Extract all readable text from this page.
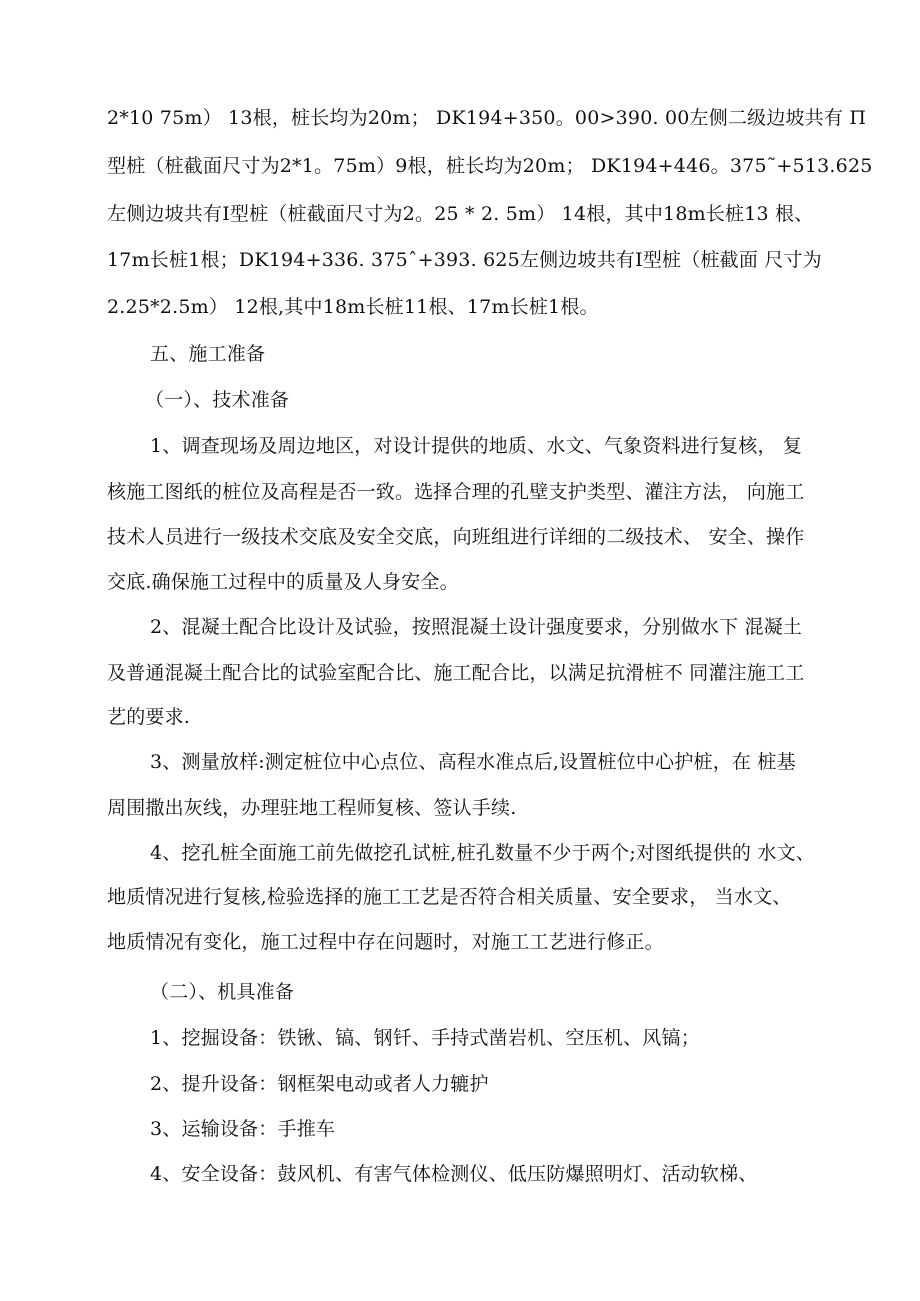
2*10 75m） 13根，桩长均为20m； DK194+350。00>390. 00左侧二级边坡共有 Π
型桩（桩截面尺寸为2*1。75m）9根，桩长均为20m； DK194+446。375˜+513.625
左侧边坡共有I型桩（桩截面尺寸为2。25 * 2. 5m） 14根，其中18m长桩13 根、
17m长桩1根；DK194+336. 375ˆ+393. 625左侧边坡共有I型桩（桩截面 尺寸为
2.25*2.5m） 12根,其中18m长桩11根、17m长桩1根。
五、施工准备
（一）、技术准备
1、调查现场及周边地区，对设计提供的地质、水文、气象资料进行复核， 复
核施工图纸的桩位及高程是否一致。选择合理的孔壁支护类型、灌注方法， 向施工
技术人员进行一级技术交底及安全交底，向班组进行详细的二级技术、 安全、操作
交底.确保施工过程中的质量及人身安全。
2、混凝土配合比设计及试验，按照混凝土设计强度要求，分别做水下 混凝土
及普通混凝土配合比的试验室配合比、施工配合比，以满足抗滑桩不 同灌注施工工
艺的要求.
3、测量放样:测定桩位中心点位、高程水准点后,设置桩位中心护桩，在 桩基
周围撒出灰线，办理驻地工程师复核、签认手续.
4、挖孔桩全面施工前先做挖孔试桩,桩孔数量不少于两个;对图纸提供的 水文、
地质情况进行复核,检验选择的施工工艺是否符合相关质量、安全要求， 当水文、
地质情况有变化，施工过程中存在问题时，对施工工艺进行修正。
（二）、机具准备
1、挖掘设备：铁锹、镐、钢钎、手持式凿岩机、空压机、风镐；
2、提升设备：钢框架电动或者人力辘护
3、运输设备：手推车
4、安全设备：鼓风机、有害气体检测仪、低压防爆照明灯、活动软梯、
